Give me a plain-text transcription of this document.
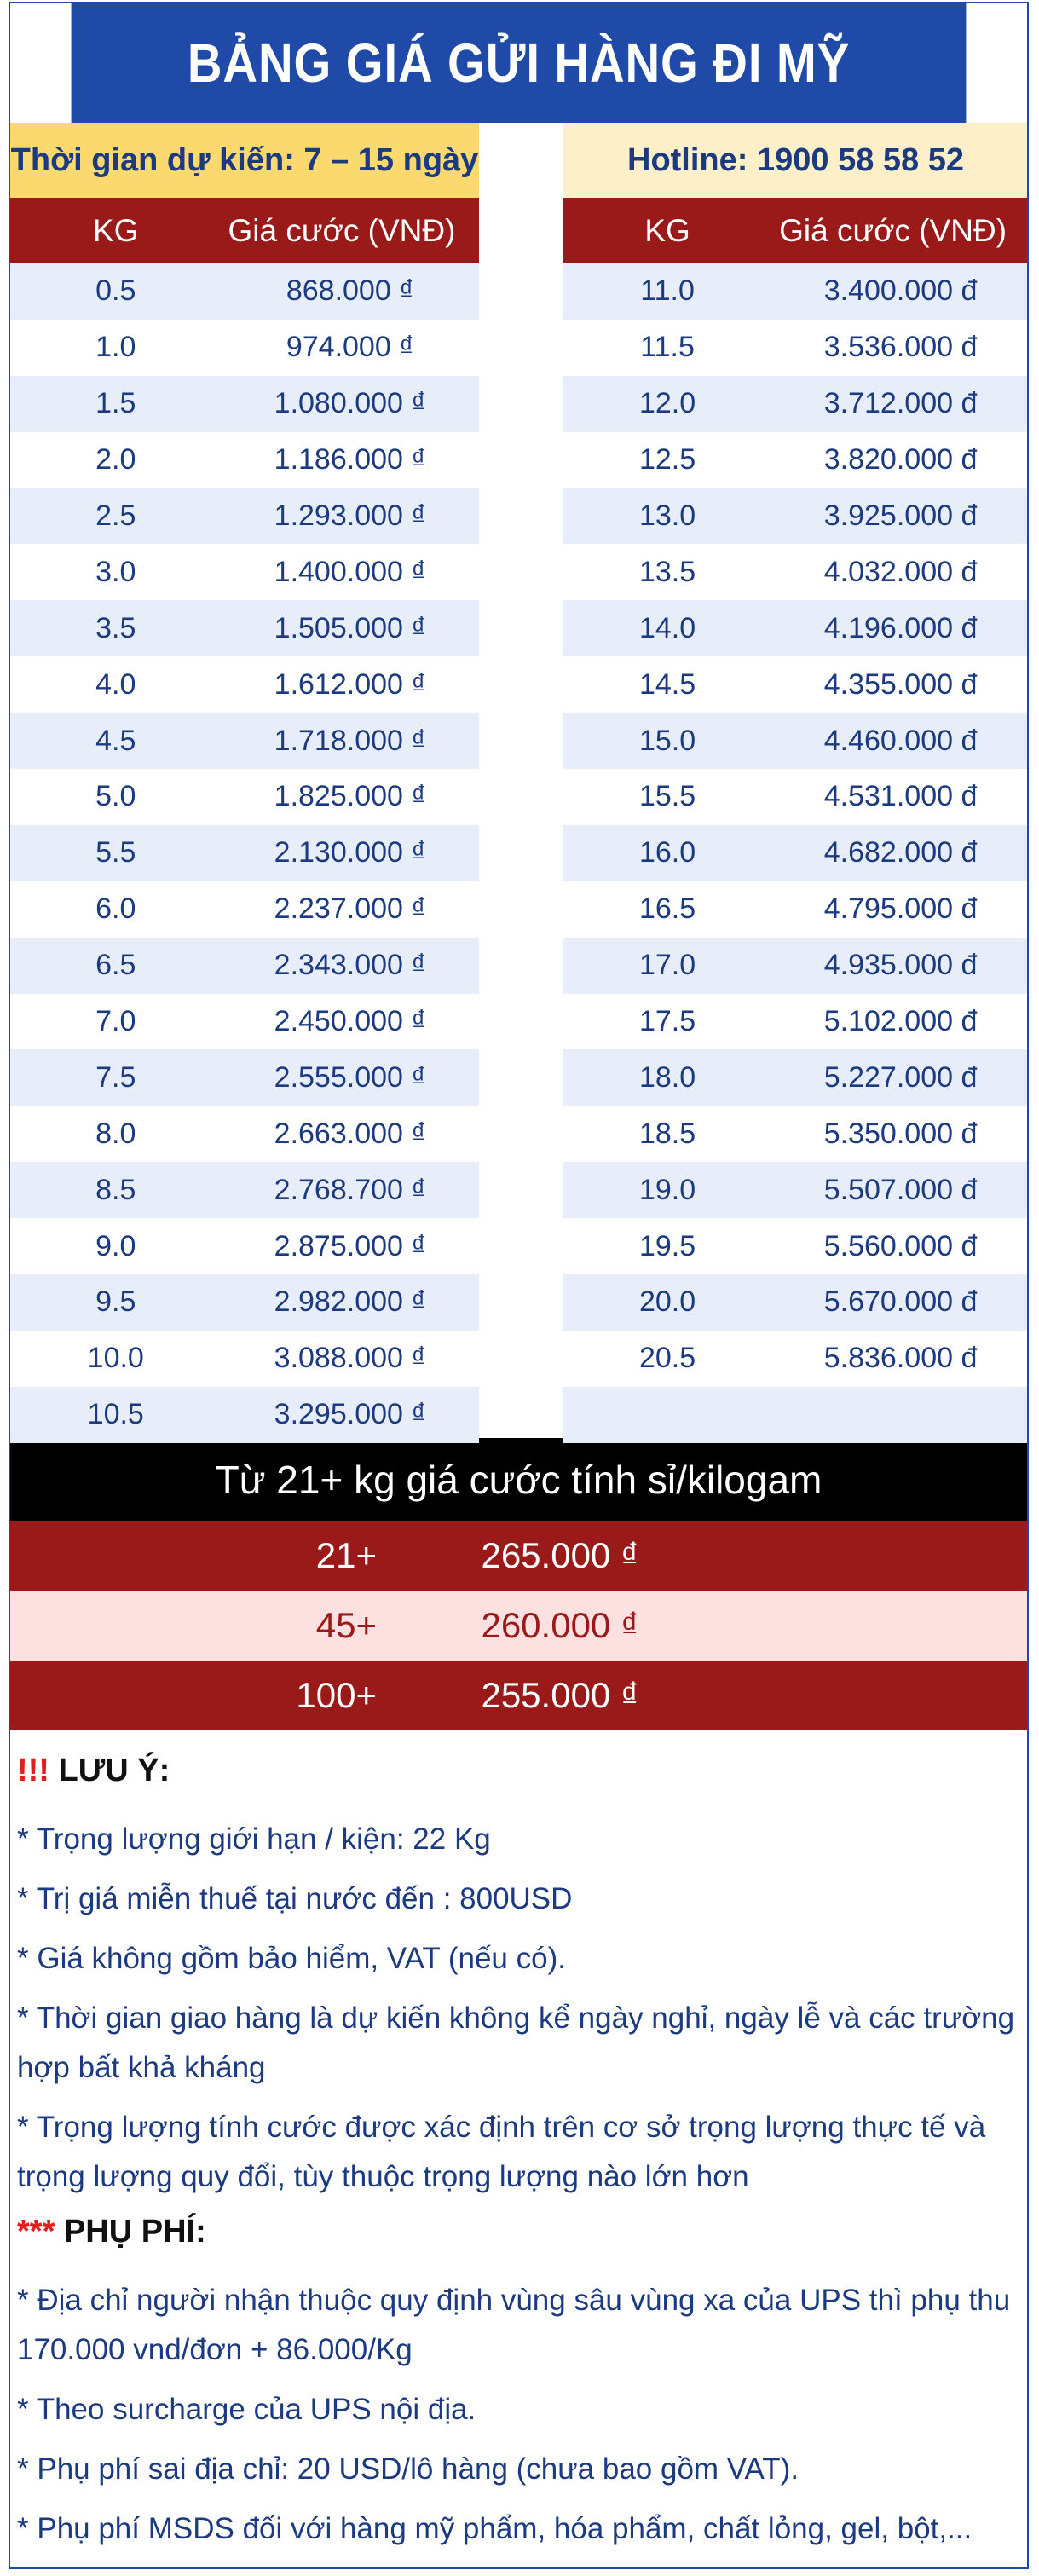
BẢNG GIÁ GỬI HÀNG ĐI MỸ
Thời gian dự kiến: 7 – 15 ngày	Hotline: 1900 58 58 52
KG	Giá cước (VNĐ)
0.5	868.000 ₫
1.0	974.000 ₫
1.5	1.080.000 ₫
2.0	1.186.000 ₫
2.5	1.293.000 ₫
3.0	1.400.000 ₫
3.5	1.505.000 ₫
4.0	1.612.000 ₫
4.5	1.718.000 ₫
5.0	1.825.000 ₫
5.5	2.130.000 ₫
6.0	2.237.000 ₫
6.5	2.343.000 ₫
7.0	2.450.000 ₫
7.5	2.555.000 ₫
8.0	2.663.000 ₫
8.5	2.768.700 ₫
9.0	2.875.000 ₫
9.5	2.982.000 ₫
10.0	3.088.000 ₫
10.5	3.295.000 ₫
KG	Giá cước (VNĐ)
11.0	3.400.000 đ
11.5	3.536.000 đ
12.0	3.712.000 đ
12.5	3.820.000 đ
13.0	3.925.000 đ
13.5	4.032.000 đ
14.0	4.196.000 đ
14.5	4.355.000 đ
15.0	4.460.000 đ
15.5	4.531.000 đ
16.0	4.682.000 đ
16.5	4.795.000 đ
17.0	4.935.000 đ
17.5	5.102.000 đ
18.0	5.227.000 đ
18.5	5.350.000 đ
19.0	5.507.000 đ
19.5	5.560.000 đ
20.0	5.670.000 đ
20.5	5.836.000 đ
Từ 21+ kg giá cước tính sỉ/kilogam
21+	265.000 ₫
45+	260.000 ₫
100+	255.000 ₫
!!! LƯU Ý:
* Trọng lượng giới hạn / kiện: 22 Kg
* Trị giá miễn thuế tại nước đến : 800USD
* Giá không gồm bảo hiểm, VAT (nếu có).
* Thời gian giao hàng là dự kiến không kể ngày nghỉ, ngày lễ và các trường hợp bất khả kháng
* Trọng lượng tính cước được xác định trên cơ sở trọng lượng thực tế và trọng lượng quy đổi, tùy thuộc trọng lượng nào lớn hơn
*** PHỤ PHÍ:
* Địa chỉ người nhận thuộc quy định vùng sâu vùng xa của UPS thì phụ thu 170.000 vnd/đơn + 86.000/Kg
* Theo surcharge của UPS nội địa.
* Phụ phí sai địa chỉ: 20 USD/lô hàng (chưa bao gồm VAT).
* Phụ phí MSDS đối với hàng mỹ phẩm, hóa phẩm, chất lỏng, gel, bột,...
